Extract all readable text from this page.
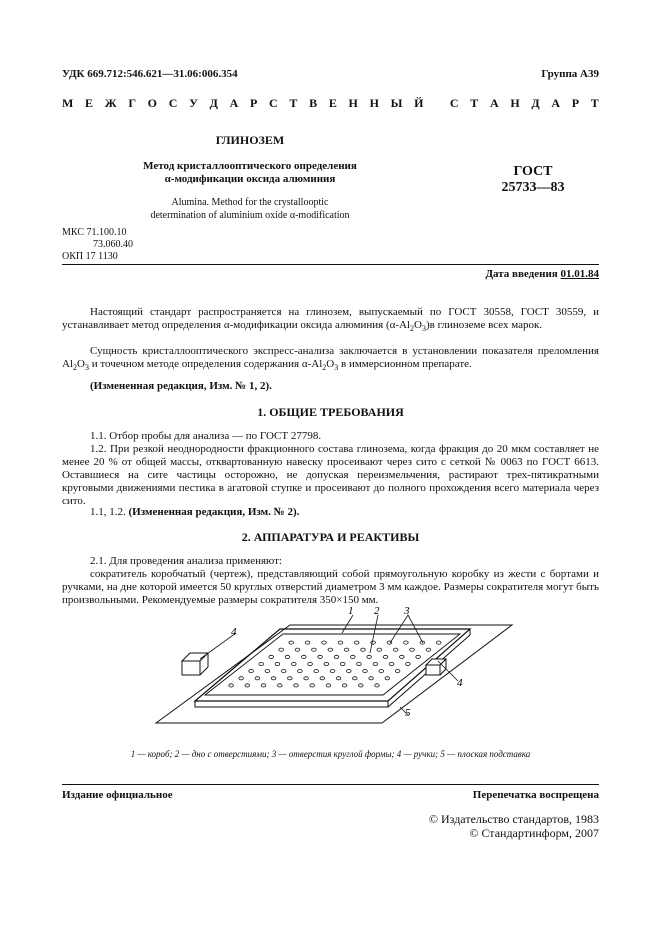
УДК 669.712:546.621—31.06:006.354	Группа А39
М Е Ж Г О С У Д А Р С Т В Е Н Н Ы Й
С Т А Н Д А Р Т
ГЛИНОЗЕМ
Метод кристаллооптического определения
α-модификации оксида алюминия
Alumina. Method for the crystallooptic
determination of aluminium oxide α-modification
ГОСТ
25733—83
МКС 71.100.10
73.060.40
ОКП 17 1130
Дата введения 01.01.84

Настоящий стандарт распространяется на глинозем, выпускаемый по ГОСТ 30558, ГОСТ 30559, и устанавливает метод определения α-модификации оксида алюминия $(\alpha-Al_2O_3)в$ глиноземе всех марок.

Сущность кристаллооптического экспресс-анализа заключается в установлении показателя преломления $Al_2O_3$ и точечном методе определения содержания $\alpha-Al_2O_3$ в иммерсионном препарате.

(Измененная редакция, Изм. № 1, 2).

1. ОБЩИЕ ТРЕБОВАНИЯ

1.1. Отбор пробы для анализа — по ГОСТ 27798.

1.2. При резкой неоднородности фракционного состава глинозема, когда фракция до 20 мкм составляет не менее 20 % от общей массы, отквартованную навеску просеивают через сито с сеткой № 0063 по ГОСТ 6613. Оставшиеся на сите частицы осторожно, не допуская переизмельчения, растирают трех-пятикратными круговыми движениями пестика в агатовой ступке и просеивают до полного прохождения всего материала через сито.

1.1, 1.2. (Измененная редакция, Изм. № 2).

2. АППАРАТУРА И РЕАКТИВЫ

2.1. Для проведения анализа применяют:

сократитель коробчатый (чертеж), представляющий собой прямоугольную коробку из жести с бортами и ручками, на дне которой имеется 50 круглых отверстий диаметром 3 мм каждое. Размеры сократителя могут быть произвольными. Рекомендуемые размеры сократителя 350×150 мм.

1 2 3
4
4
5
1 — короб; 2 — дно с отверстиями; 3 — отверстия круглой формы; 4 — ручки; 5 — плоская подставка
Издание официальное	Перепечатка воспрещена
© Издательство стандартов, 1983
© Стандартинформ, 2007
